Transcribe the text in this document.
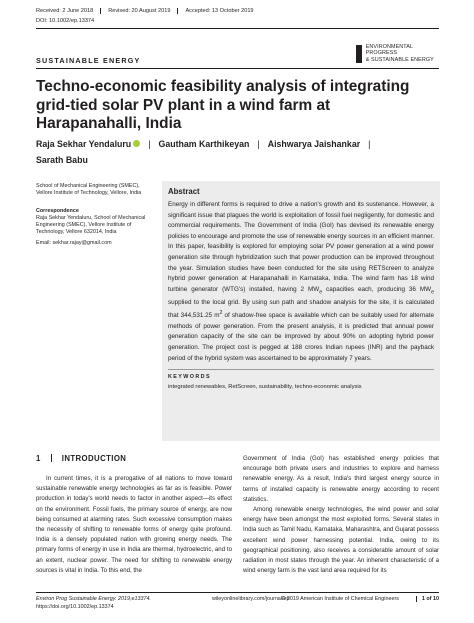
Received: 2 June 2018	Revised: 20 August 2019	Accepted: 13 October 2019
DOI: 10.1002/ep.13374
ENVIRONMENTAL PROGRESS
& SUSTAINABLE ENERGY
SUSTAINABLE ENERGY
Techno-economic feasibility analysis of integrating grid-tied solar PV plant in a wind farm at Harapanahalli, India
Raja Sekhar Yendaluru | Gautham Karthikeyan | Aishwarya Jaishankar |
Sarath Babu
School of Mechanical Engineering (SMEC), Vellore Institute of Technology, Vellore, India
Correspondence
Raja Sekhar Yendaluru, School of Mechanical Engineering (SMEC), Vellore Institute of Technology, Vellore 632014, India
Email: sekhar.rajay@gmail.com
Abstract

Energy in different forms is required to drive a nation's growth and its sustenance. However, a significant issue that plagues the world is exploitation of fossil fuel negligently, for domestic and commercial requirements. The Government of India (GoI) has devised its renewable energy policies to encourage and promote the use of renewable energy sources in an efficient manner. In this paper, feasibility is explored for employing solar PV power generation at a wind power generation site through hybridization such that power production can be improved throughout the year. Simulation studies have been conducted for the site using RETScreen to analyze hybrid power generation at Harapanahalli in Karnataka, India. The wind farm has 18 wind turbine generator (WTG's) installed, having 2 $MW_e$ capacities each, producing 36 $MW_e$ supplied to the local grid. By using sun path and shadow analysis for the site, it is calculated that 344,531.25 $m^2$ of shadow-free space is available which can be suitably used for alternate methods of power generation. From the present analysis, it is predicted that annual power generation capacity of the site can be improved by about 90% on adopting hybrid power generation. The project cost is pegged at 188 crores Indian rupees (INR) and the payback period of the hybrid system was ascertained to be approximately 7 years.

KEYWORDS
integrated renewables, RetScreen, sustainability, techno-economic analysis
1	INTRODUCTION

In current times, it is a prerogative of all nations to move toward sustainable renewable energy technologies as far as is feasible. Power production in today's world needs to factor in another aspect—its effect on the environment. Fossil fuels, the primary source of energy, are now being consumed at alarming rates. Such excessive consumption makes the necessity of shifting to renewable forms of energy quite profound. India is a densely populated nation with growing energy needs. The primary forms of energy in use in India are thermal, hydroelectric, and to an extent, nuclear power. The need for shifting to renewable energy sources is vital in India. To this end, the

Government of India (GoI) has established energy policies that encourage both private users and industries to explore and harness renewable energy. As a result, India's third largest energy source in terms of installed capacity is renewable energy according to recent statistics.

Among renewable energy technologies, the wind power and solar energy have been amongst the most exploited forms. Several states in India such as Tamil Nadu, Karnataka, Maharashtra, and Gujarat possess excellent wind power harnessing potential. India, owing to its geographical positioning, also receives a considerable amount of solar radiation in most states through the year. An inherent characteristic of a wind energy farm is the vast land area required for its

Environ Prog Sustainable Energy. 2019;e13374.	wileyonlinelibrary.com/journal/ep
© 2019 American Institute of Chemical Engineers	1 of 10
https://doi.org/10.1002/ep.13374
